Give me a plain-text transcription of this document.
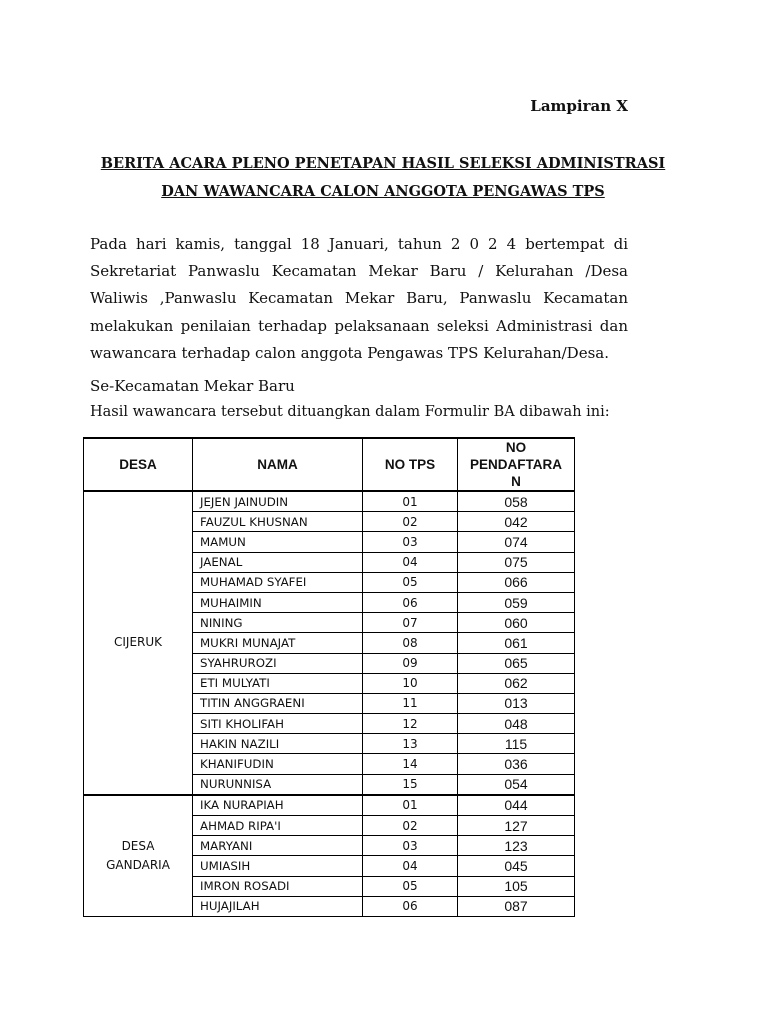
Lampiran X
BERITA ACARA PLENO PENETAPAN HASIL SELEKSI ADMINISTRASI
DAN WAWANCARA CALON ANGGOTA PENGAWAS TPS
Pada hari kamis, tanggal 18 Januari, tahun 2 0 2 4 bertempat di
Sekretariat Panwaslu Kecamatan Mekar Baru / Kelurahan /Desa
Waliwis ,Panwaslu Kecamatan Mekar Baru, Panwaslu Kecamatan
melakukan penilaian terhadap pelaksanaan seleksi Administrasi dan
wawancara terhadap calon anggota Pengawas TPS Kelurahan/Desa.
Se-Kecamatan Mekar Baru
Hasil wawancara tersebut dituangkan dalam Formulir BA dibawah ini:
DESA	NAMA	NO TPS	NO
PENDAFTARA
N

CIJERUK	JEJEN JAINUDIN	01	058
	FAUZUL KHUSNAN	02	042
	MAMUN	03	074
	JAENAL	04	075
	MUHAMAD SYAFEI	05	066
	MUHAIMIN	06	059
	NINING	07	060
	MUKRI MUNAJAT	08	061
	SYAHRUROZI	09	065
	ETI MULYATI	10	062
	TITIN ANGGRAENI	11	013
	SITI KHOLIFAH	12	048
	HAKIN NAZILI	13	115
	KHANIFUDIN	14	036
	NURUNNISA	15	054

DESA
GANDARIA	IKA NURAPIAH	01	044
	AHMAD RIPA'I	02	127
	MARYANI	03	123
	UMIASIH	04	045
	IMRON ROSADI	05	105
	HUJAJILAH	06	087
